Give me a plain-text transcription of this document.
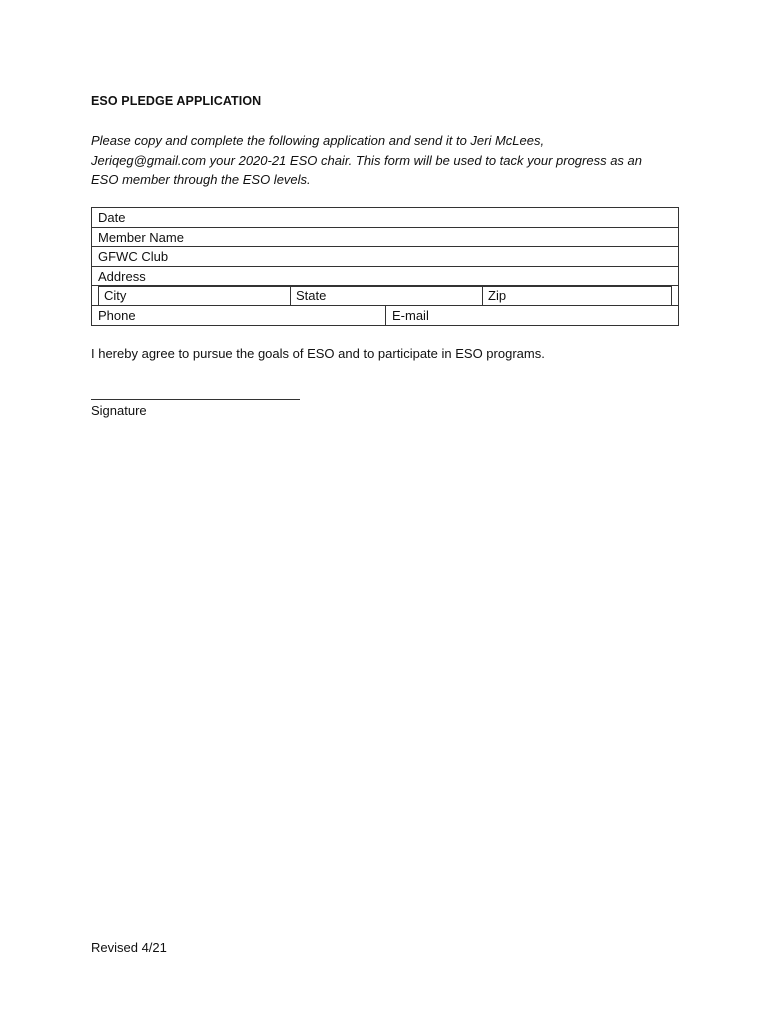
ESO PLEDGE APPLICATION
Please copy and complete the following application and send it to Jeri McLees,
Jeriqeg@gmail.com your 2020-21 ESO chair. This form will be used to tack your progress as an
ESO member through the ESO levels.
Date
Member Name
GFWC Club
Address
City	State	Zip
Phone	E-mail
I hereby agree to pursue the goals of ESO and to participate in ESO programs.
Signature
Revised 4/21
